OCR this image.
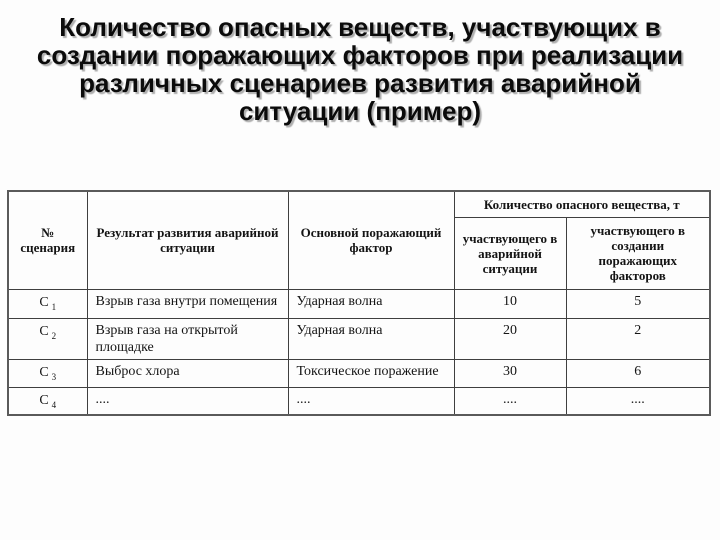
Количество опасных веществ, участвующих в
создании поражающих факторов при реализации
различных сценариев развития аварийной
ситуации (пример)
№ сценария	Результат развития аварийной ситуации	Основной поражающий фактор	Количество опасного вещества, т	
			участвующего в аварийной ситуации	участвующего в создании поражающих факторов
С $_1$	Взрыв газа внутри помещения	Ударная волна	10	5
С $_2$	Взрыв газа на открытой площадке	Ударная волна	20	2
С $_3$	Выброс хлора	Токсическое поражение	30	6
С $_4$	....	....	....	....
